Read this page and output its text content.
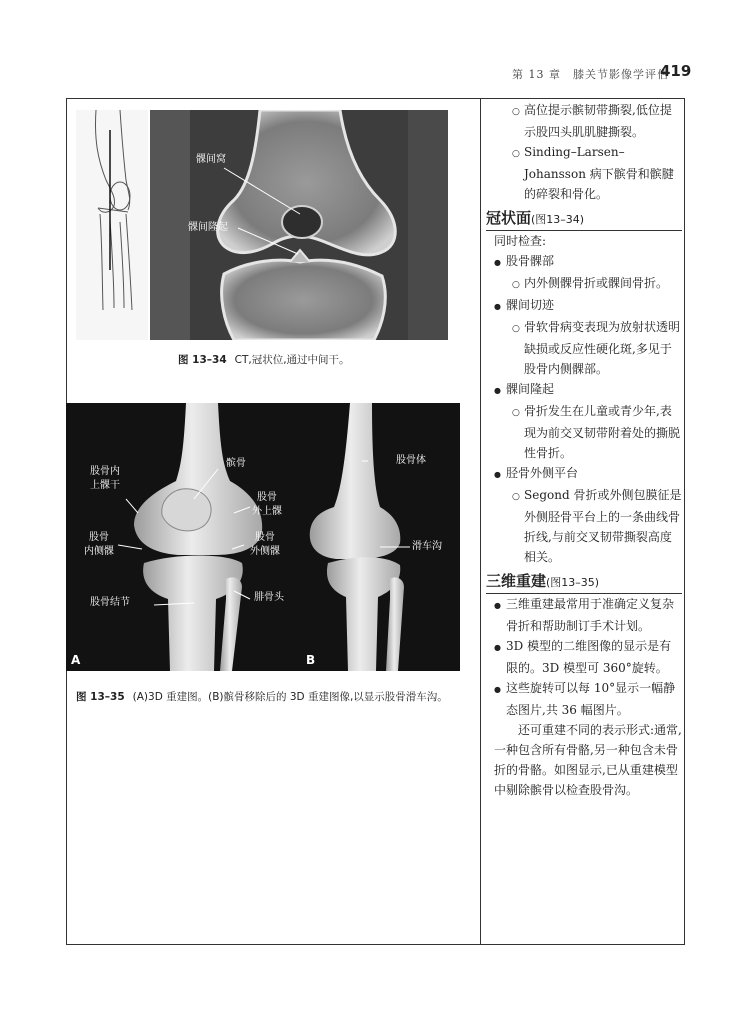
第 13 章　膝关节影像学评估
419
髁间窝
髁间隆起
图 13–34 CT,冠状位,通过中间干。
股骨内
上髁干
髌骨
股骨
外上髁
股骨
内侧髁
股骨
外侧髁
股骨结节	腓骨头
股骨体
滑车沟
A	B
图 13–35 (A)3D 重建图。(B)髌骨移除后的 3D 重建图像,以显示股骨滑车沟。
○ 高位提示髌韧带撕裂,低位提示股四头肌肌腱撕裂。
○ Sinding–Larsen–Johansson 病下髌骨和髌腱的碎裂和骨化。
冠状面(图13–34)
同时检查:
● 股骨髁部
○ 内外侧髁骨折或髁间骨折。
● 髁间切迹
○ 骨软骨病变表现为放射状透明缺损或反应性硬化斑,多见于股骨内侧髁部。
● 髁间隆起
○ 骨折发生在儿童或青少年,表现为前交叉韧带附着处的撕脱性骨折。
● 胫骨外侧平台
○ Segond 骨折或外侧包膜征是外侧胫骨平台上的一条曲线骨折线,与前交叉韧带撕裂高度相关。
三维重建(图13–35)
● 三维重建最常用于准确定义复杂骨折和帮助制订手术计划。
● 3D 模型的二维图像的显示是有限的。3D 模型可 360°旋转。
● 这些旋转可以每 10°显示一幅静态图片,共 36 幅图片。
还可重建不同的表示形式:通常,一种包含所有骨骼,另一种包含未骨折的骨骼。如图显示,已从重建模型中剔除髌骨以检查股骨沟。
